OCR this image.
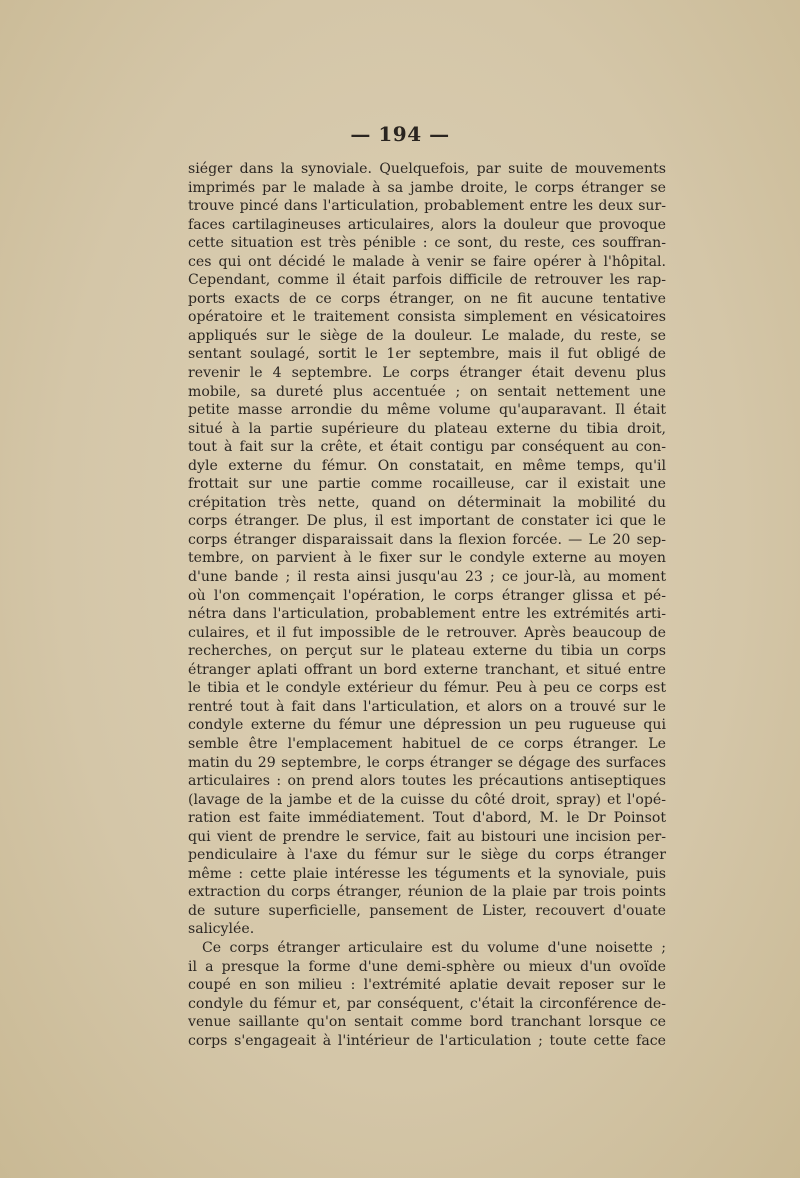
— 194 —
siéger dans la synoviale. Quelquefois, par suite de mouvements
imprimés par le malade à sa jambe droite, le corps étranger se
trouve pincé dans l'articulation, probablement entre les deux sur-
faces cartilagineuses articulaires, alors la douleur que provoque
cette situation est très pénible : ce sont, du reste, ces souffran-
ces qui ont décidé le malade à venir se faire opérer à l'hôpital.
Cependant, comme il était parfois difficile de retrouver les rap-
ports exacts de ce corps étranger, on ne fit aucune tentative
opératoire et le traitement consista simplement en vésicatoires
appliqués sur le siège de la douleur. Le malade, du reste, se
sentant soulagé, sortit le 1er septembre, mais il fut obligé de
revenir le 4 septembre. Le corps étranger était devenu plus
mobile, sa dureté plus accentuée ; on sentait nettement une
petite masse arrondie du même volume qu'auparavant. Il était
situé à la partie supérieure du plateau externe du tibia droit,
tout à fait sur la crête, et était contigu par conséquent au con-
dyle externe du fémur. On constatait, en même temps, qu'il
frottait sur une partie comme rocailleuse, car il existait une
crépitation très nette, quand on déterminait la mobilité du
corps étranger. De plus, il est important de constater ici que le
corps étranger disparaissait dans la flexion forcée. — Le 20 sep-
tembre, on parvient à le fixer sur le condyle externe au moyen
d'une bande ; il resta ainsi jusqu'au 23 ; ce jour-là, au moment
où l'on commençait l'opération, le corps étranger glissa et pé-
nétra dans l'articulation, probablement entre les extrémités arti-
culaires, et il fut impossible de le retrouver. Après beaucoup de
recherches, on perçut sur le plateau externe du tibia un corps
étranger aplati offrant un bord externe tranchant, et situé entre
le tibia et le condyle extérieur du fémur. Peu à peu ce corps est
rentré tout à fait dans l'articulation, et alors on a trouvé sur le
condyle externe du fémur une dépression un peu rugueuse qui
semble être l'emplacement habituel de ce corps étranger. Le
matin du 29 septembre, le corps étranger se dégage des surfaces
articulaires : on prend alors toutes les précautions antiseptiques
(lavage de la jambe et de la cuisse du côté droit, spray) et l'opé-
ration est faite immédiatement. Tout d'abord, M. le Dr Poinsot
qui vient de prendre le service, fait au bistouri une incision per-
pendiculaire à l'axe du fémur sur le siège du corps étranger
même : cette plaie intéresse les téguments et la synoviale, puis
extraction du corps étranger, réunion de la plaie par trois points
de suture superficielle, pansement de Lister, recouvert d'ouate
salicylée.
Ce corps étranger articulaire est du volume d'une noisette ;
il a presque la forme d'une demi-sphère ou mieux d'un ovoïde
coupé en son milieu : l'extrémité aplatie devait reposer sur le
condyle du fémur et, par conséquent, c'était la circonférence de-
venue saillante qu'on sentait comme bord tranchant lorsque ce
corps s'engageait à l'intérieur de l'articulation ; toute cette face
